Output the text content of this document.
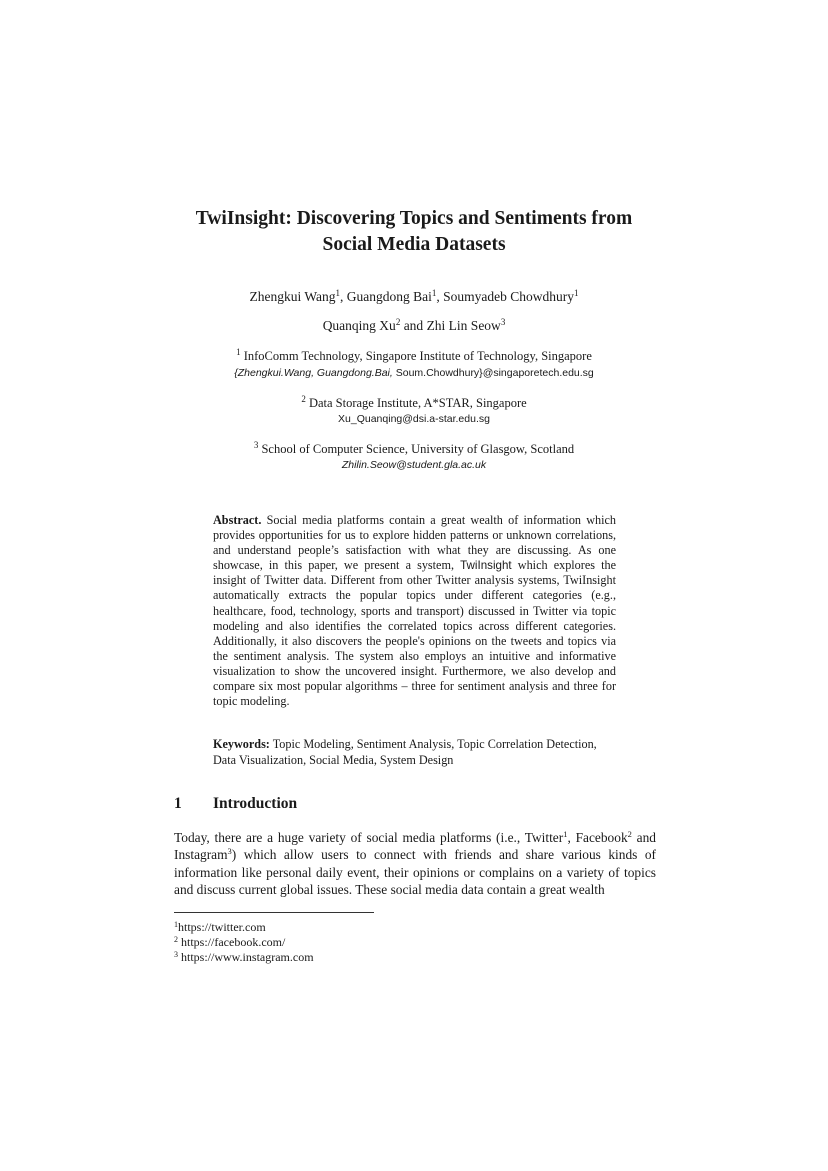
TwiInsight: Discovering Topics and Sentiments from
Social Media Datasets
Zhengkui Wang$^1$, Guangdong Bai$^1$, Soumyadeb Chowdhury$^1$
Quanqing Xu$^2$ and Zhi Lin Seow$^3$
$^1$ InfoComm Technology, Singapore Institute of Technology, Singapore
{Zhengkui.Wang, Guangdong.Bai, Soum.Chowdhury}@singaporetech.edu.sg
$^2$ Data Storage Institute, A*STAR, Singapore
Xu_Quanqing@dsi.a-star.edu.sg
$^3$ School of Computer Science, University of Glasgow, Scotland
Zhilin.Seow@student.gla.ac.uk
Abstract. Social media platforms contain a great wealth of information which provides opportunities for us to explore hidden patterns or unknown correlations, and understand people’s satisfaction with what they are discussing. As one showcase, in this paper, we present a system, TwiInsight which explores the insight of Twitter data. Different from other Twitter analysis systems, TwiInsight automatically extracts the popular topics under different categories (e.g., healthcare, food, technology, sports and transport) discussed in Twitter via topic modeling and also identifies the correlated topics across different categories. Additionally, it also discovers the people's opinions on the tweets and topics via the sentiment analysis. The system also employs an intuitive and informative visualization to show the uncovered insight. Furthermore, we also develop and compare six most popular algorithms – three for sentiment analysis and three for topic modeling.
Keywords: Topic Modeling, Sentiment Analysis, Topic Correlation Detection, Data Visualization, Social Media, System Design
1 Introduction
Today, there are a huge variety of social media platforms (i.e., Twitter$^1$, Facebook$^2$ and Instagram$^3$) which allow users to connect with friends and share various kinds of information like personal daily event, their opinions or complains on a variety of topics and discuss current global issues. These social media data contain a great wealth
$^1$https://twitter.com
$^2$ https://facebook.com/
$^3$ https://www.instagram.com
